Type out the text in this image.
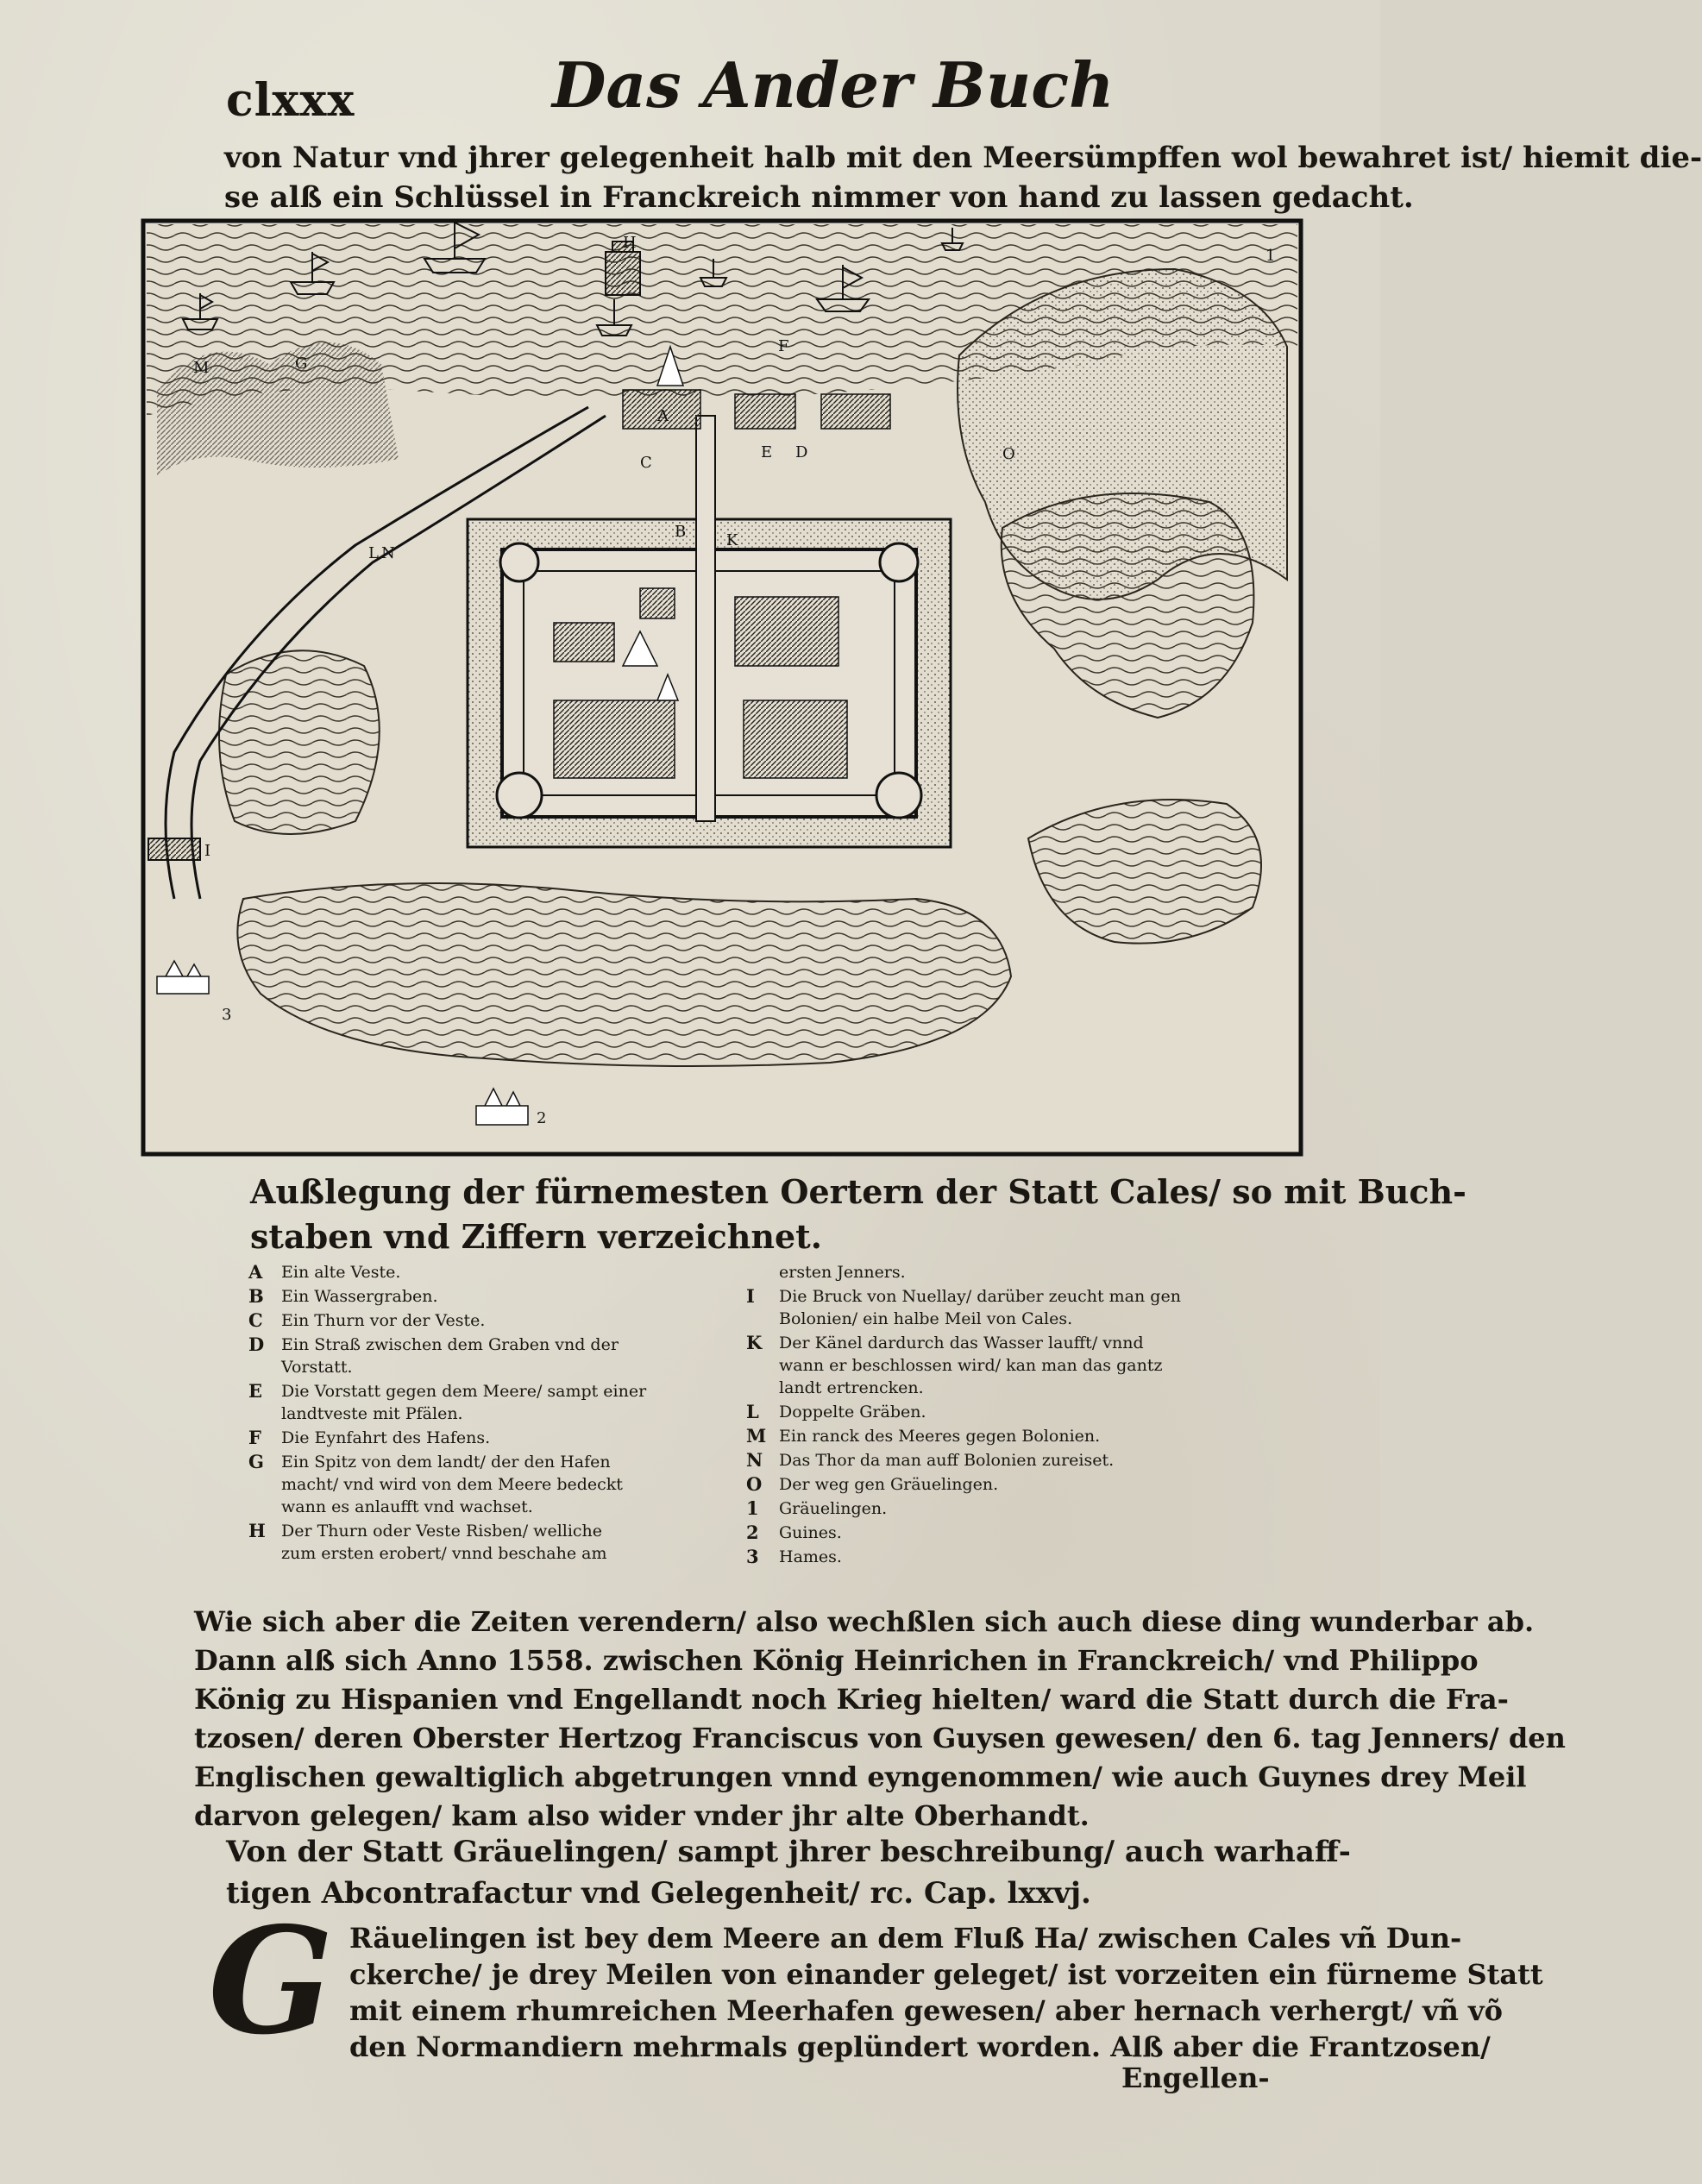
clxxx	Das Ander Buch
von Natur vnd jhrer gelegenheit halb mit den Meersümpffen wol bewahret ist/ hiemit die-
se alß ein Schlüssel in Franckreich nimmer von hand zu lassen gedacht.
A
B
C
D
E
F
G
H
I
K
L
M
N
O
1
2
3
Außlegung der fürnemesten Oertern der Statt Cales/ so mit Buch-
staben vnd Ziffern verzeichnet.
A	Ein alte Veste.
B	Ein Wassergraben.
C	Ein Thurn vor der Veste.
D	Ein Straß zwischen dem Graben vnd der
Vorstatt.
E	Die Vorstatt gegen dem Meere/ sampt einer
landtveste mit Pfälen.
F	Die Eynfahrt des Hafens.
G	Ein Spitz von dem landt/ der den Hafen
macht/ vnd wird von dem Meere bedeckt
wann es anlaufft vnd wachset.
H Der Thurn oder Veste Risben/ welliche
zum ersten erobert/ vnnd beschahe am
ersten Jenners.
I	Die Bruck von Nuellay/ darüber zeucht man gen
Bolonien/ ein halbe Meil von Cales.
K	Der Känel dardurch das Wasser laufft/ vnnd
wann er beschlossen wird/ kan man das gantz
landt ertrencken.
L	Doppelte Gräben.
M Ein ranck des Meeres gegen Bolonien.
N Das Thor da man auff Bolonien zureiset.
O	Der weg gen Gräuelingen.
1	Gräuelingen.
2	Guines.
3	Hames.
Wie sich aber die Zeiten verendern/ also wechßlen sich auch diese ding wunderbar ab.
Dann alß sich Anno 1558. zwischen König Heinrichen in Franckreich/ vnd Philippo
König zu Hispanien vnd Engellandt noch Krieg hielten/ ward die Statt durch die Fra-
tzosen/ deren Oberster Hertzog Franciscus von Guysen gewesen/ den 6. tag Jenners/ den
Englischen gewaltiglich abgetrungen vnnd eyngenommen/ wie auch Guynes drey Meil
darvon gelegen/ kam also wider vnder jhr alte Oberhandt.
Von der Statt Gräuelingen/ sampt jhrer beschreibung/ auch warhaff-
tigen Abcontrafactur vnd Gelegenheit/ rc. Cap. lxxvj.
G Räuelingen ist bey dem Meere an dem Fluß Ha/ zwischen Cales vñ Dun-
ckerche/ je drey Meilen von einander geleget/ ist vorzeiten ein fürneme Statt
mit einem rhumreichen Meerhafen gewesen/ aber hernach verhergt/ vñ võ
den Normandiern mehrmals geplündert worden. Alß aber die Frantzosen/
Engellen-
